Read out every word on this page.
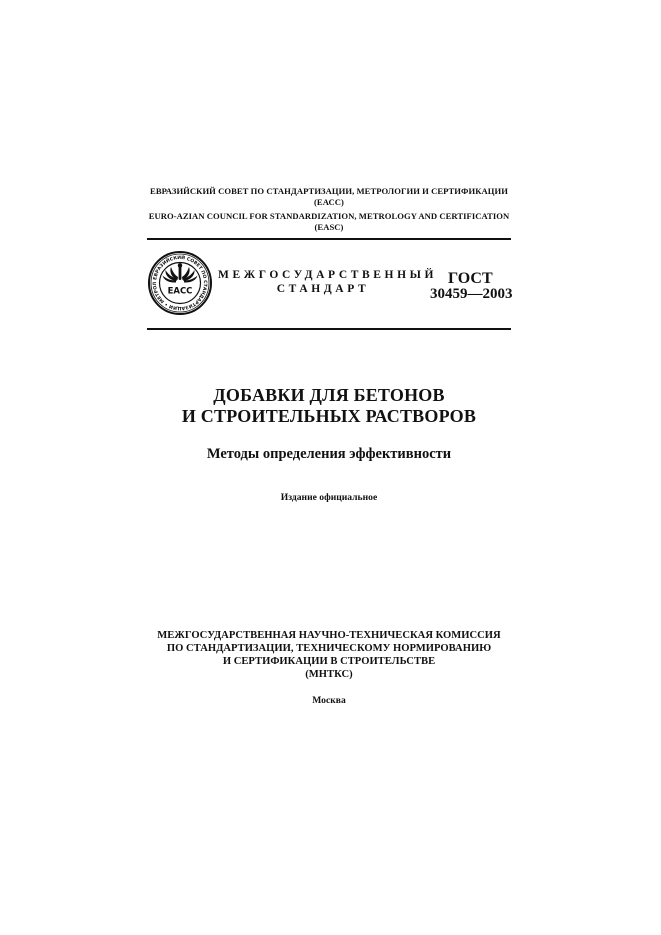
ЕВРАЗИЙСКИЙ СОВЕТ ПО СТАНДАРТИЗАЦИИ, МЕТРОЛОГИИ И СЕРТИФИКАЦИИ
(ЕАСС)
EURO-AZIAN COUNCIL FOR STANDARDIZATION, METROLOGY AND CERTIFICATION
(EASC)
ЕВРАЗИЙСКИЙ СОВЕТ ПО СТАНДАРТИЗАЦИИ • МЕТРОЛ
EACC
МЕЖГОСУДАРСТВЕННЫЙ
СТАНДАРТ
ГОСТ
30459—2003
ДОБАВКИ ДЛЯ БЕТОНОВ
И СТРОИТЕЛЬНЫХ РАСТВОРОВ
Методы определения эффективности
Издание официальное
МЕЖГОСУДАРСТВЕННАЯ НАУЧНО-ТЕХНИЧЕСКАЯ КОМИССИЯ
ПО СТАНДАРТИЗАЦИИ, ТЕХНИЧЕСКОМУ НОРМИРОВАНИЮ
И СЕРТИФИКАЦИИ В СТРОИТЕЛЬСТВЕ
(МНТКС)
Москва
